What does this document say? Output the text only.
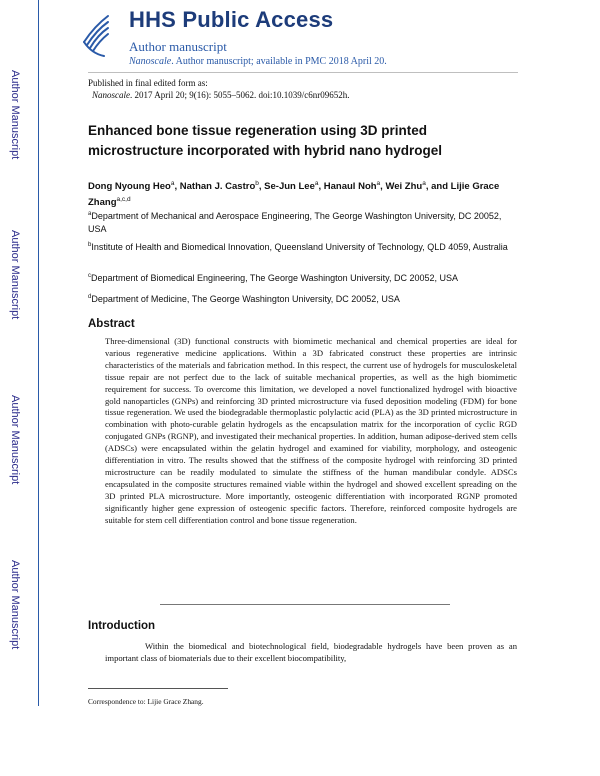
Author Manuscript
Author Manuscript
Author Manuscript
Author Manuscript
HHS Public Access
Author manuscript
Nanoscale. Author manuscript; available in PMC 2018 April 20.
Published in final edited form as:
Nanoscale. 2017 April 20; 9(16): 5055–5062. doi:10.1039/c6nr09652h.
Enhanced bone tissue regeneration using 3D printed microstructure incorporated with hybrid nano hydrogel
Dong Nyoung Heo$^a$, Nathan J. Castro$^b$, Se-Jun Lee$^a$, Hanaul Noh$^a$, Wei Zhu$^a$, and Lijie Grace Zhang$^{a,c,d}$
$^a$Department of Mechanical and Aerospace Engineering, The George Washington University, DC 20052, USA
$^b$Institute of Health and Biomedical Innovation, Queensland University of Technology, QLD 4059, Australia
$^c$Department of Biomedical Engineering, The George Washington University, DC 20052, USA
$^d$Department of Medicine, The George Washington University, DC 20052, USA
Abstract

Three-dimensional (3D) functional constructs with biomimetic mechanical and chemical properties are ideal for various regenerative medicine applications. Within a 3D fabricated construct these properties are intrinsic characteristics of the materials and fabrication method. In this respect, the current use of hydrogels for musculoskeletal tissue repair are not perfect due to the lack of suitable mechanical properties, as well as the high biomimetic requirement for success. To overcome this limitation, we developed a novel functionalized hydrogel with bioactive gold nanoparticles (GNPs) and reinforcing 3D printed microstructure via fused deposition modeling (FDM) for bone tissue regeneration. We used the biodegradable thermoplastic polylactic acid (PLA) as the 3D printed microstructure in combination with photo-curable gelatin hydrogels as the encapsulation matrix for the incorporation of cyclic RGD conjugated GNPs (RGNP), and investigated their mechanical properties. In addition, human adipose-derived stem cells (ADSCs) were encapsulated within the gelatin hydrogel and examined for viability, morphology, and osteogenic differentiation in vitro. The results showed that the stiffness of the composite hydrogel with reinforcing 3D printed microstructure can be readily modulated to simulate the stiffness of the human mandibular condyle. ADSCs encapsulated in the composite structures remained viable within the hydrogel and showed excellent spreading on the 3D printed PLA microstructure. More importantly, osteogenic differentiation with incorporated RGNP promoted significantly higher gene expression of osteogenic specific factors. Therefore, reinforced composite hydrogels are suitable for stem cell differentiation control and bone tissue regeneration.

Introduction

Within the biomedical and biotechnological field, biodegradable hydrogels have been proven as an important class of biomaterials due to their excellent biocompatibility,

Correspondence to: Lijie Grace Zhang.
